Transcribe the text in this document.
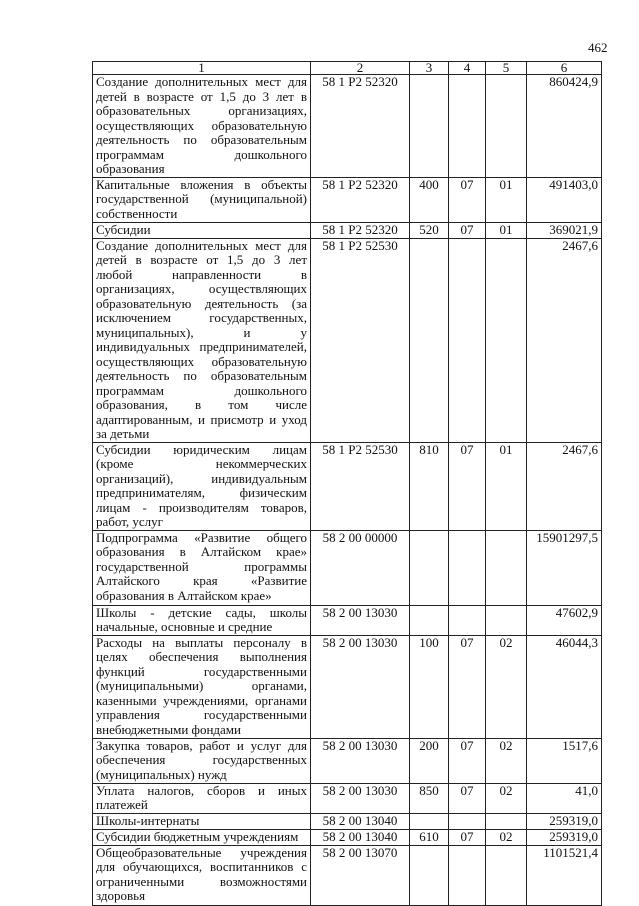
462
1	2	3	4	5	6
Создание дополнительных мест для детей в возрасте от 1,5 до 3 лет в образовательных организациях, осуществляющих образовательную деятельность по образовательным программам дошкольного образования	58 1 P2 52320				860424,9
Капитальные вложения в объекты государственной (муниципальной) собственности	58 1 P2 52320	400	07	01	491403,0
Субсидии	58 1 P2 52320	520	07	01	369021,9
Создание дополнительных мест для детей в возрасте от 1,5 до 3 лет любой направленности в организациях, осуществляющих образовательную деятельность (за исключением государственных, муниципальных), и у индивидуальных предпринимателей, осуществляющих образовательную деятельность по образовательным программам дошкольного образования, в том числе адаптированным, и присмотр и уход за детьми	58 1 P2 52530				2467,6
Субсидии юридическим лицам (кроме некоммерческих организаций), индивидуальным предпринимателям, физическим лицам - производителям товаров, работ, услуг	58 1 P2 52530	810	07	01	2467,6
Подпрограмма «Развитие общего образования в Алтайском крае» государственной программы Алтайского края «Развитие образования в Алтайском крае»	58 2 00 00000				15901297,5
Школы - детские сады, школы начальные, основные и средние	58 2 00 13030				47602,9
Расходы на выплаты персоналу в целях обеспечения выполнения функций государственными (муниципальными) органами, казенными учреждениями, органами управления государственными внебюджетными фондами	58 2 00 13030	100	07	02	46044,3
Закупка товаров, работ и услуг для обеспечения государственных (муниципальных) нужд	58 2 00 13030	200	07	02	1517,6
Уплата налогов, сборов и иных платежей	58 2 00 13030	850	07	02	41,0
Школы-интернаты	58 2 00 13040				259319,0
Субсидии бюджетным учреждениям	58 2 00 13040	610	07	02	259319,0
Общеобразовательные учреждения для обучающихся, воспитанников с ограниченными возможностями здоровья	58 2 00 13070				1101521,4
